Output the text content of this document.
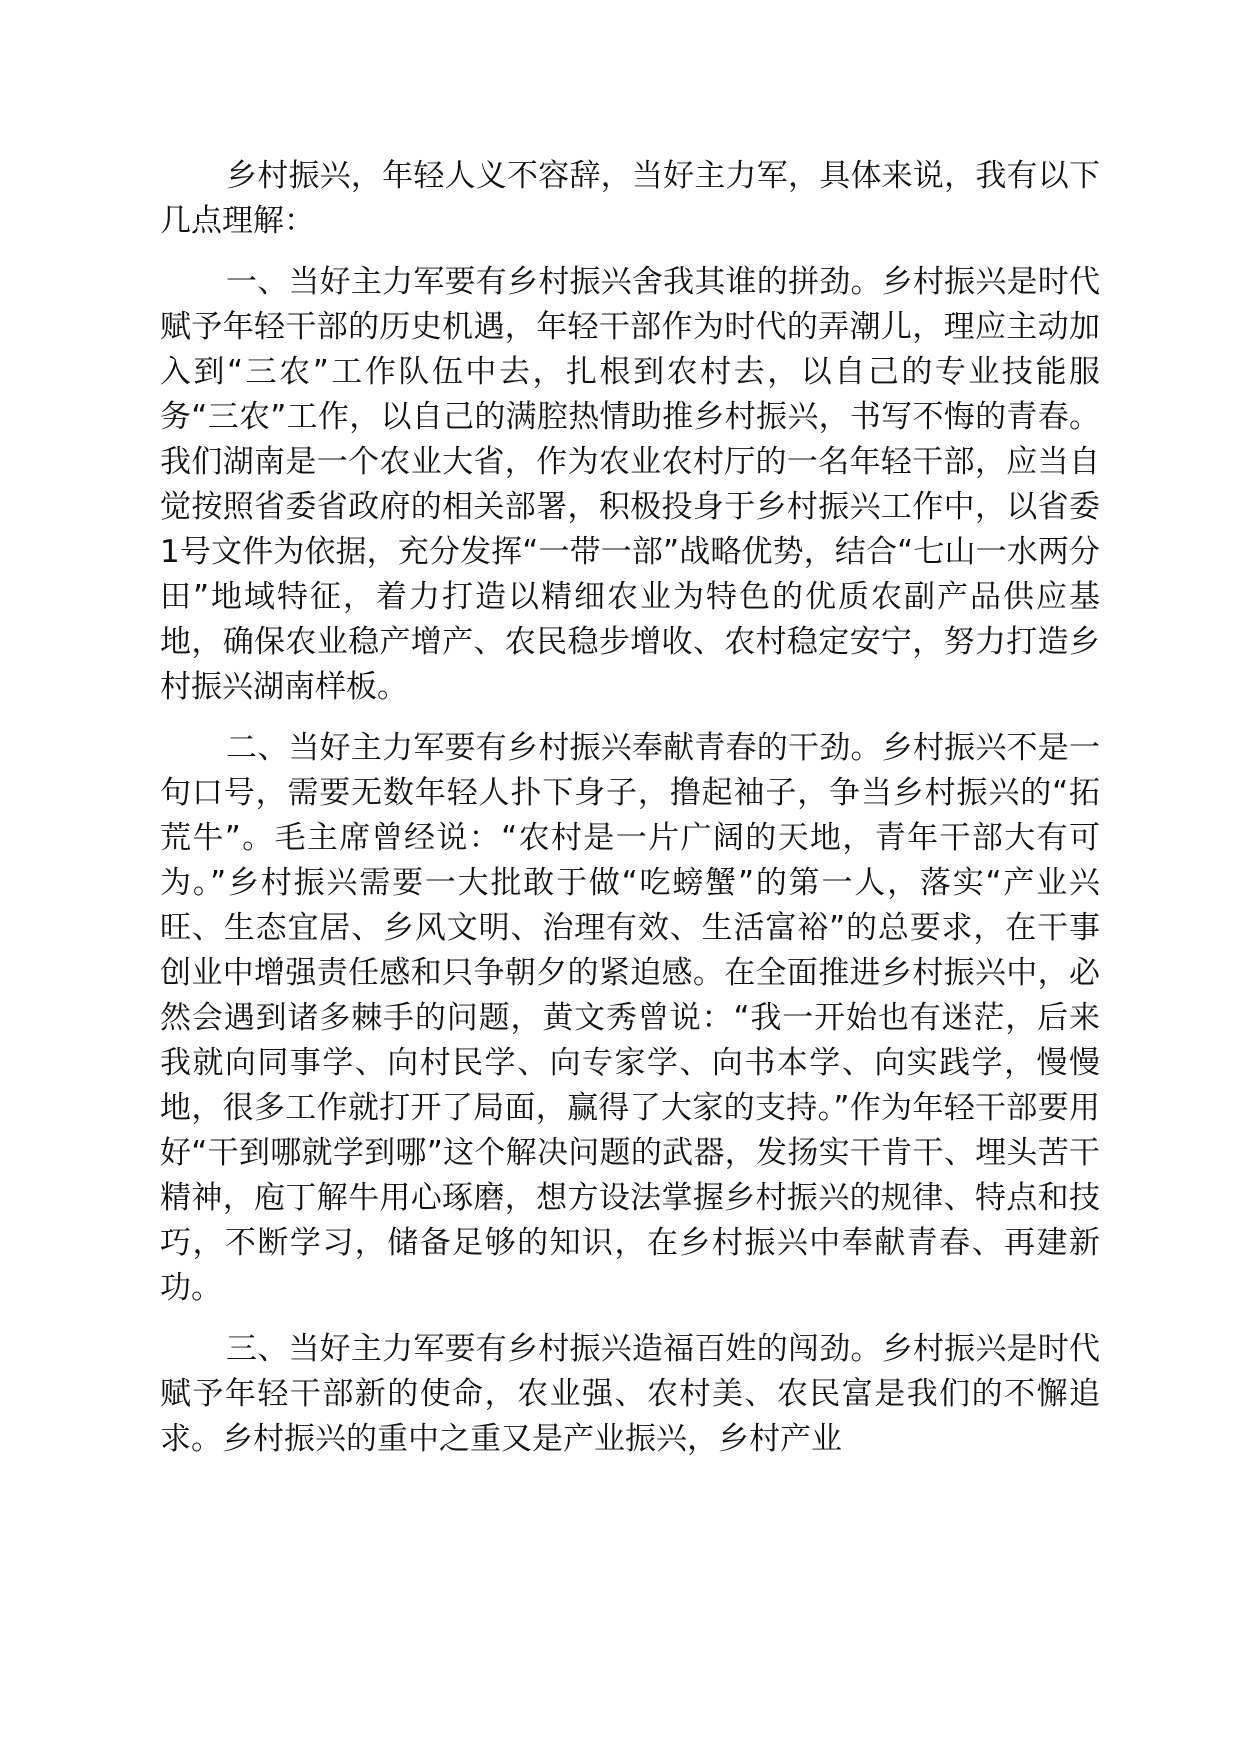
乡村振兴，年轻人义不容辞，当好主力军，具体来说，我有以下几点理解：

一、当好主力军要有乡村振兴舍我其谁的拼劲。乡村振兴是时代赋予年轻干部的历史机遇，年轻干部作为时代的弄潮儿，理应主动加入到“三农”工作队伍中去，扎根到农村去，以自己的专业技能服务“三农”工作，以自己的满腔热情助推乡村振兴，书写不悔的青春。我们湖南是一个农业大省，作为农业农村厅的一名年轻干部，应当自觉按照省委省政府的相关部署，积极投身于乡村振兴工作中，以省委1号文件为依据，充分发挥“一带一部”战略优势，结合“七山一水两分田”地域特征，着力打造以精细农业为特色的优质农副产品供应基地，确保农业稳产增产、农民稳步增收、农村稳定安宁，努力打造乡村振兴湖南样板。

二、当好主力军要有乡村振兴奉献青春的干劲。乡村振兴不是一句口号，需要无数年轻人扑下身子，撸起袖子，争当乡村振兴的“拓荒牛”。毛主席曾经说：“农村是一片广阔的天地，青年干部大有可为。”乡村振兴需要一大批敢于做“吃螃蟹”的第一人，落实“产业兴旺、生态宜居、乡风文明、治理有效、生活富裕”的总要求，在干事创业中增强责任感和只争朝夕的紧迫感。在全面推进乡村振兴中，必然会遇到诸多棘手的问题，黄文秀曾说：“我一开始也有迷茫，后来我就向同事学、向村民学、向专家学、向书本学、向实践学，慢慢地，很多工作就打开了局面，赢得了大家的支持。”作为年轻干部要用好“干到哪就学到哪”这个解决问题的武器，发扬实干肯干、埋头苦干精神，庖丁解牛用心琢磨，想方设法掌握乡村振兴的规律、特点和技巧，不断学习，储备足够的知识，在乡村振兴中奉献青春、再建新功。

三、当好主力军要有乡村振兴造福百姓的闯劲。乡村振兴是时代赋予年轻干部新的使命，农业强、农村美、农民富是我们的不懈追求。乡村振兴的重中之重又是产业振兴，乡村产业
